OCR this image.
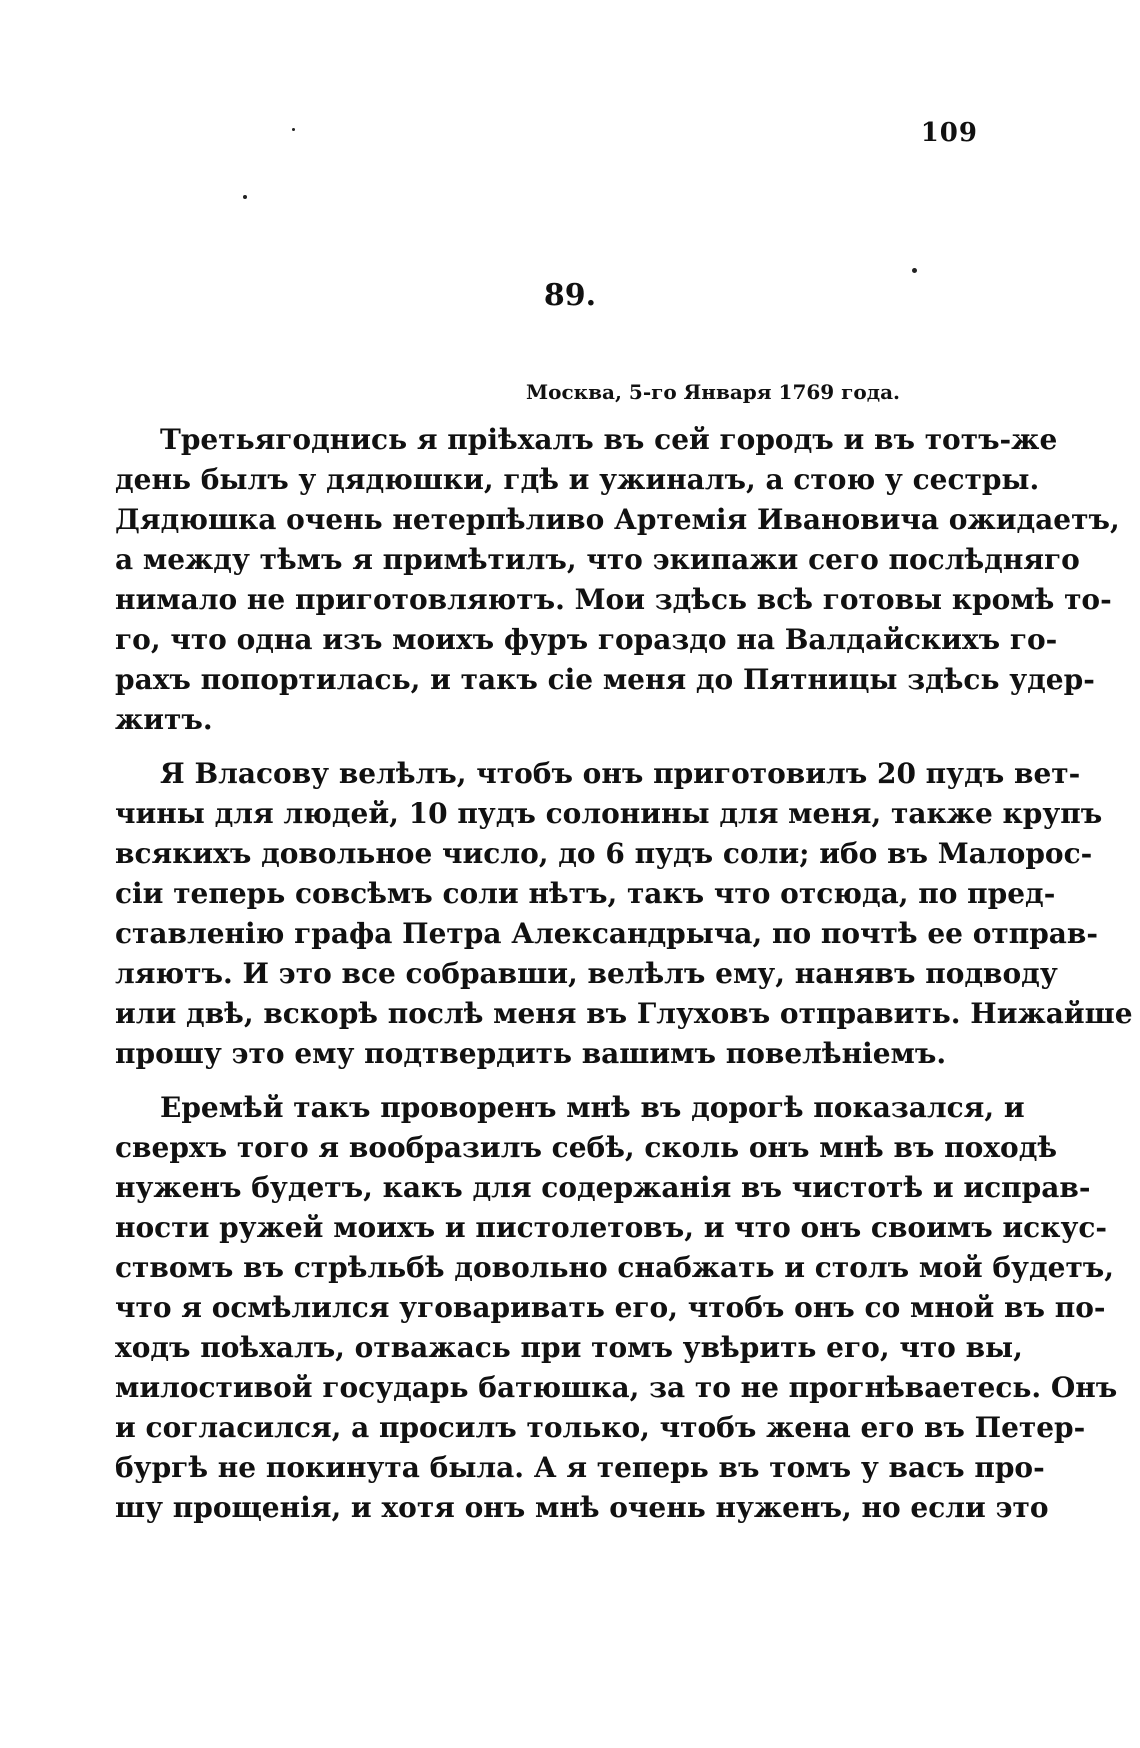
109
89.
Москва, 5-го Января 1769 года.
Третьягоднись я пріѣхалъ въ сей городъ и въ тотъ-же
день былъ у дядюшки, гдѣ и ужиналъ, а стою у сестры.
Дядюшка очень нетерпѣливо Артемія Ивановича ожидаетъ,
а между тѣмъ я примѣтилъ, что экипажи сего послѣдняго
нимало не приготовляютъ. Мои здѣсь всѣ готовы кромѣ то-
го, что одна изъ моихъ фуръ гораздо на Валдайскихъ го-
рахъ попортилась, и такъ сіе меня до Пятницы здѣсь удер-
житъ.
Я Власову велѣлъ, чтобъ онъ приготовилъ 20 пудъ вет-
чины для людей, 10 пудъ солонины для меня, также крупъ
всякихъ довольное число, до 6 пудъ соли; ибо въ Малорос-
сіи теперь совсѣмъ соли нѣтъ, такъ что отсюда, по пред-
ставленію графа Петра Александрыча, по почтѣ ее отправ-
ляютъ. И это все собравши, велѣлъ ему, нанявъ подводу
или двѣ, вскорѣ послѣ меня въ Глуховъ отправить. Нижайше
прошу это ему подтвердить вашимъ повелѣніемъ.
Еремѣй такъ проворенъ мнѣ въ дорогѣ показался, и
сверхъ того я вообразилъ себѣ, сколь онъ мнѣ въ походѣ
нуженъ будетъ, какъ для содержанія въ чистотѣ и исправ-
ности ружей моихъ и пистолетовъ, и что онъ своимъ искус-
ствомъ въ стрѣльбѣ довольно снабжать и столъ мой будетъ,
что я осмѣлился уговаривать его, чтобъ онъ со мной въ по-
ходъ поѣхалъ, отважась при томъ увѣрить его, что вы,
милостивой государь батюшка, за то не прогнѣваетесь. Онъ
и согласился, а просилъ только, чтобъ жена его въ Петер-
бургѣ не покинута была. А я теперь въ томъ у васъ про-
шу прощенія, и хотя онъ мнѣ очень нуженъ, но если это
